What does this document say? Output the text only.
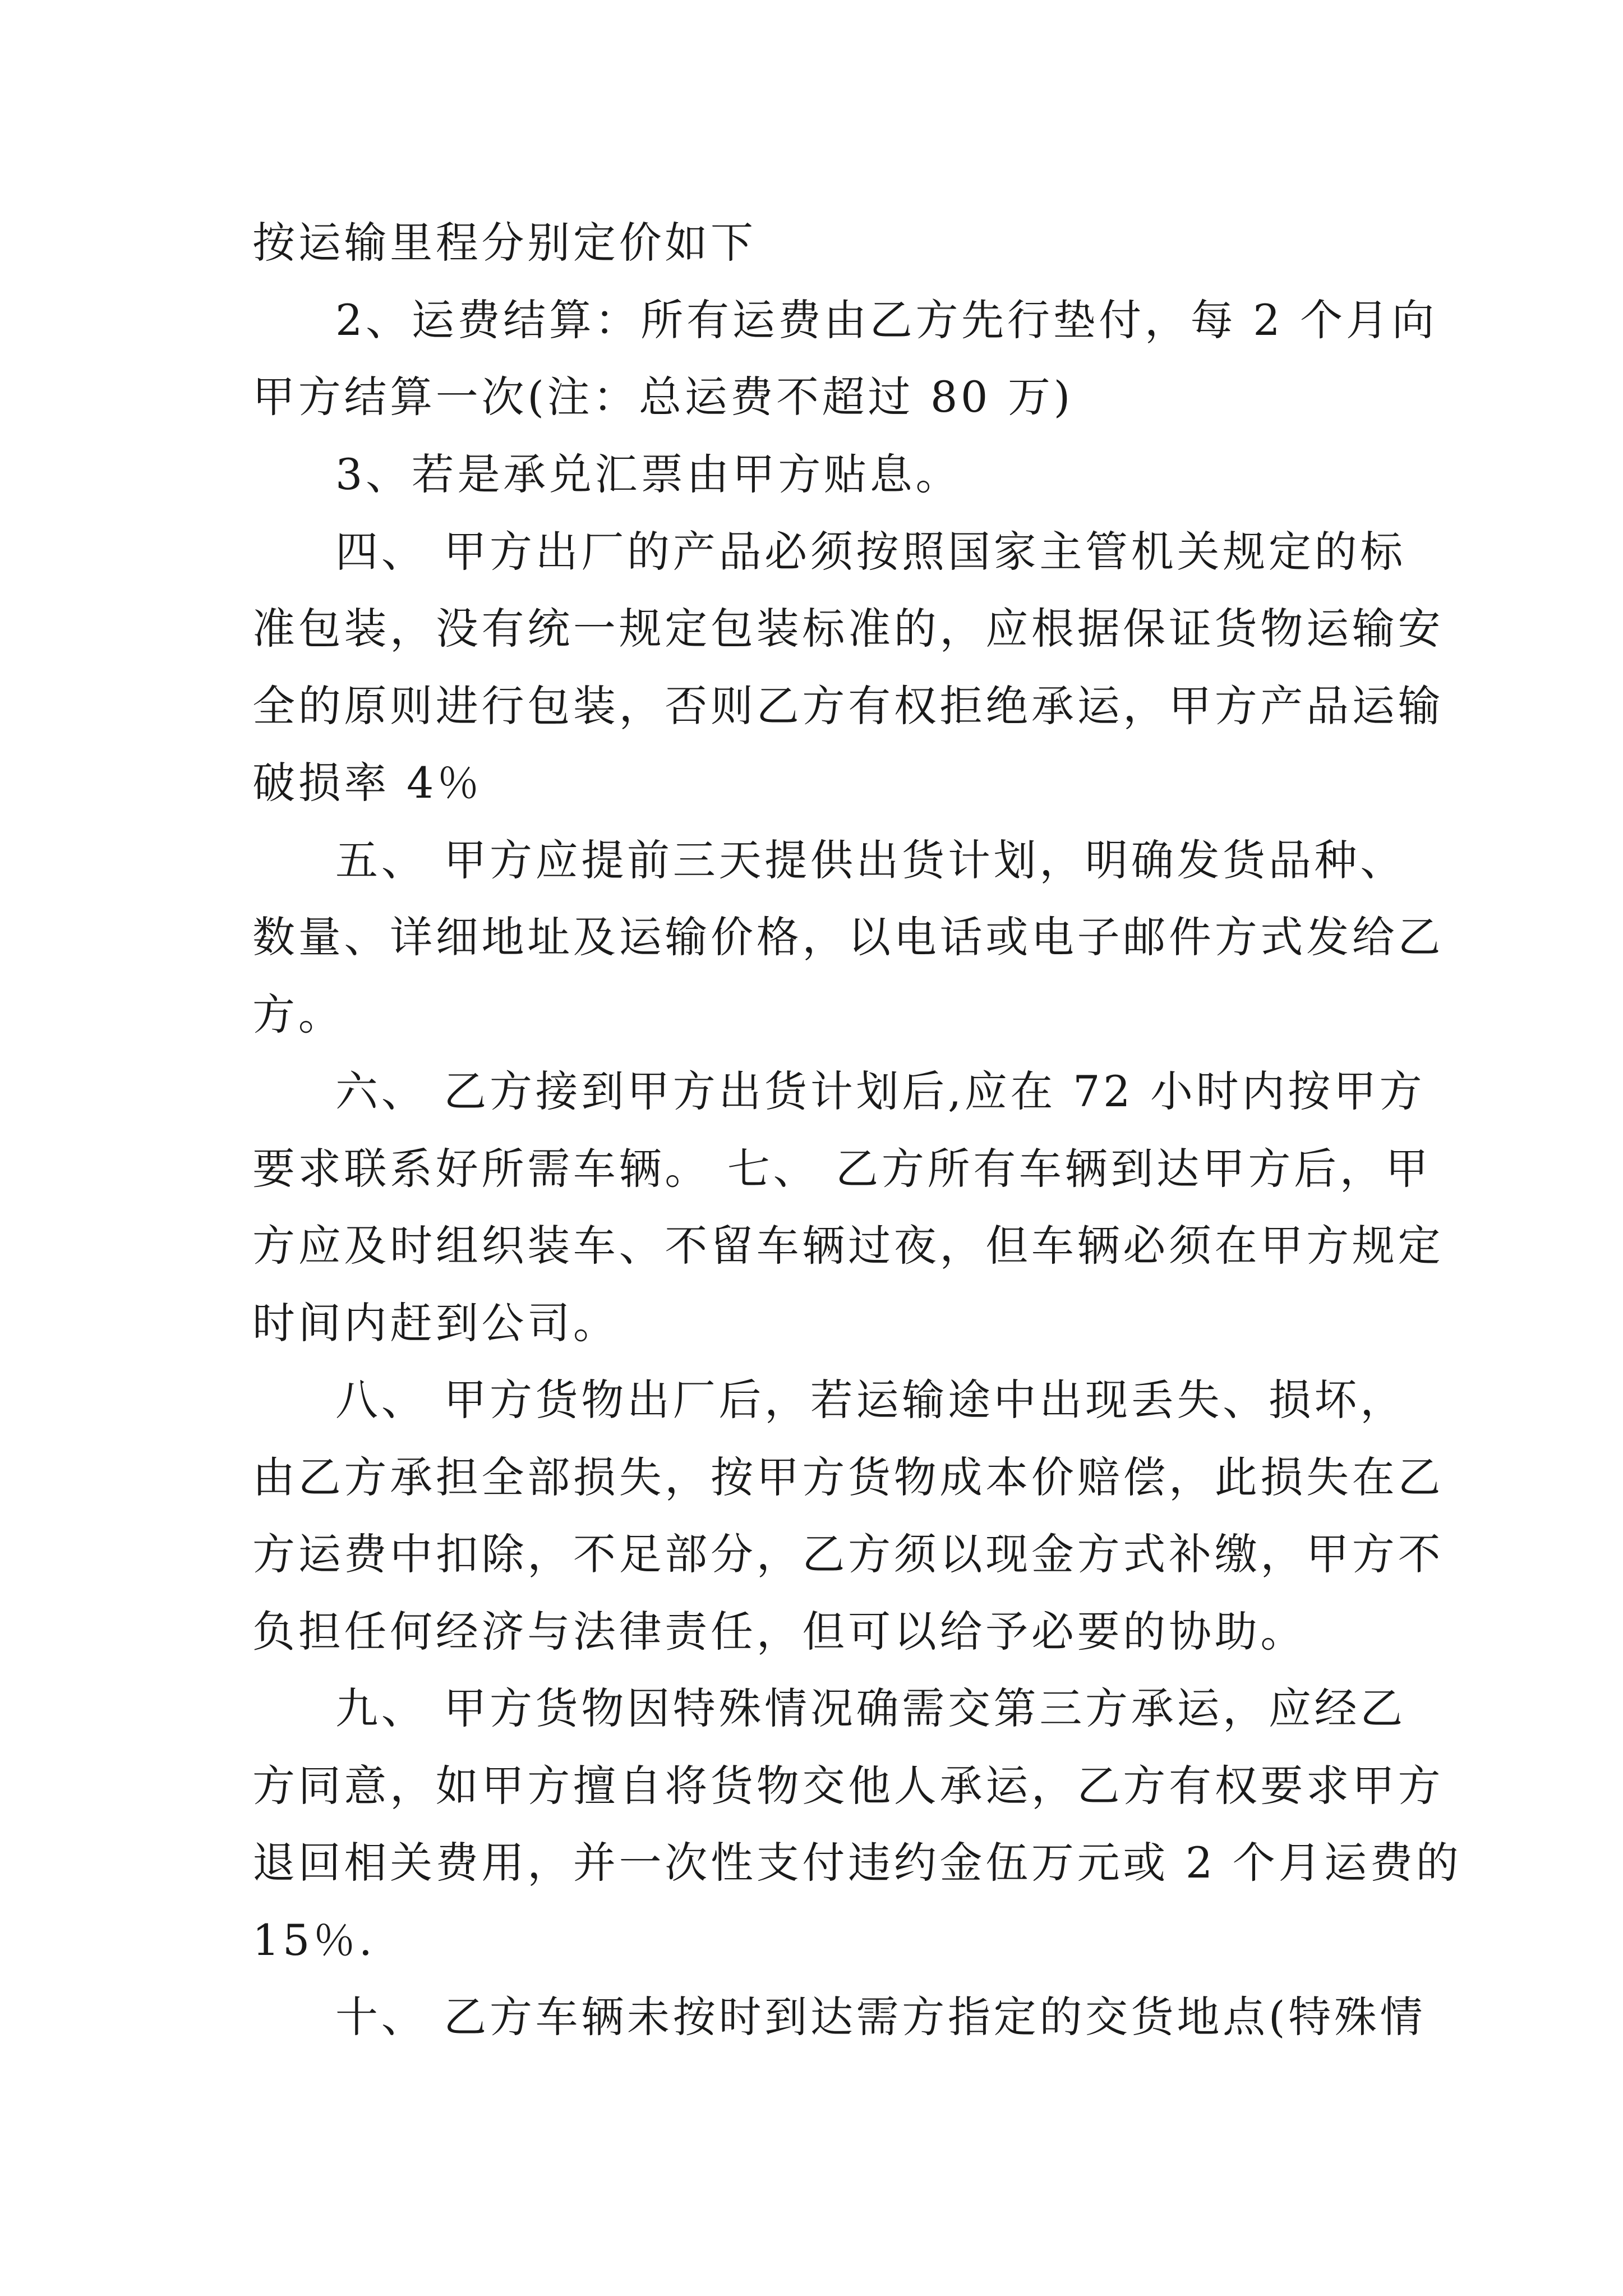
按运输里程分别定价如下

2、运费结算：所有运费由乙方先行垫付，每 2 个月向

甲方结算一次(注：总运费不超过 80 万)

3、若是承兑汇票由甲方贴息。

四、 甲方出厂的产品必须按照国家主管机关规定的标

准包装，没有统一规定包装标准的，应根据保证货物运输安

全的原则进行包装，否则乙方有权拒绝承运，甲方产品运输

破损率 4％

五、 甲方应提前三天提供出货计划，明确发货品种、

数量、详细地址及运输价格，以电话或电子邮件方式发给乙

方。

六、 乙方接到甲方出货计划后,应在 72 小时内按甲方

要求联系好所需车辆。 七、 乙方所有车辆到达甲方后，甲

方应及时组织装车、不留车辆过夜，但车辆必须在甲方规定

时间内赶到公司。

八、 甲方货物出厂后，若运输途中出现丢失、损坏，

由乙方承担全部损失，按甲方货物成本价赔偿，此损失在乙

方运费中扣除，不足部分，乙方须以现金方式补缴，甲方不

负担任何经济与法律责任，但可以给予必要的协助。

九、 甲方货物因特殊情况确需交第三方承运，应经乙

方同意，如甲方擅自将货物交他人承运，乙方有权要求甲方

退回相关费用，并一次性支付违约金伍万元或 2 个月运费的

15％.

十、 乙方车辆未按时到达需方指定的交货地点(特殊情
